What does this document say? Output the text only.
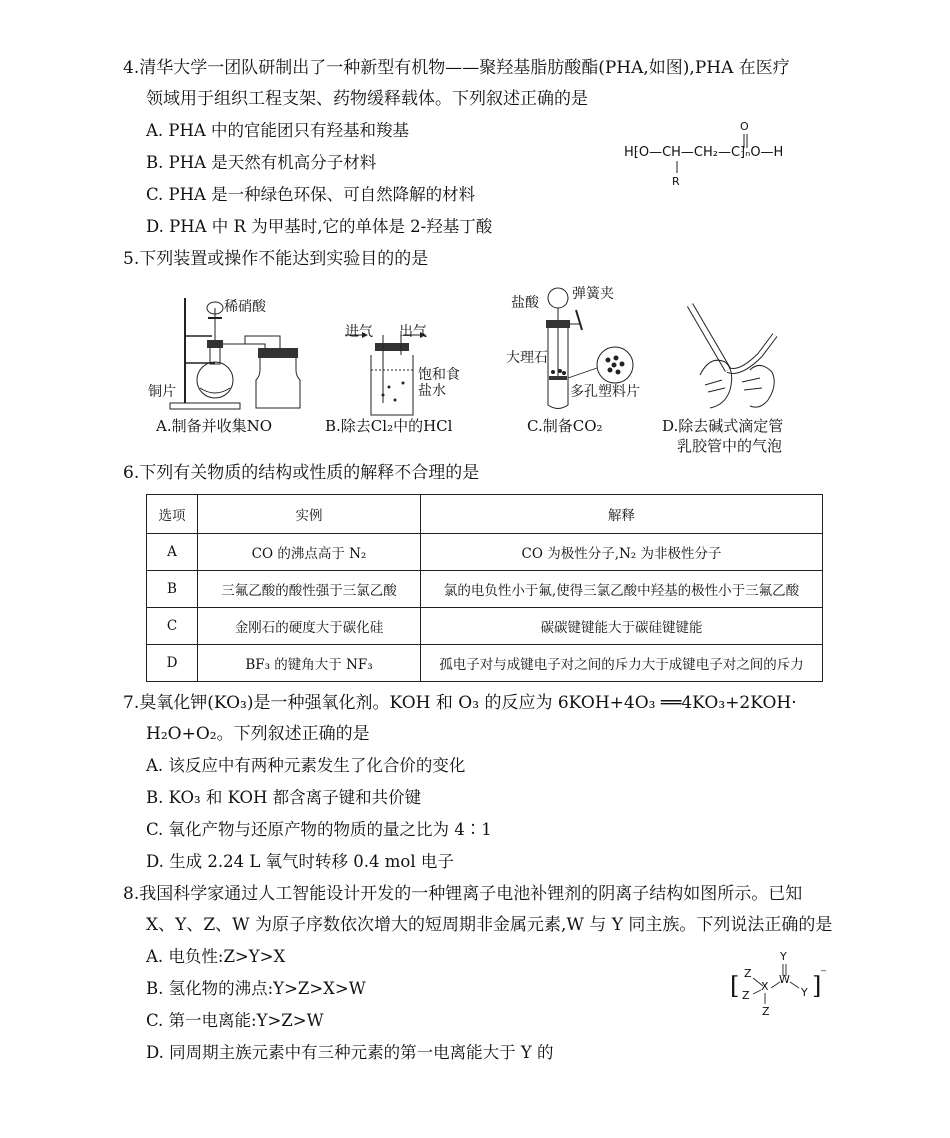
4.清华大学一团队研制出了一种新型有机物——聚羟基脂肪酸酯(PHA,如图),PHA 在医疗
领域用于组织工程支架、药物缓释载体。下列叙述正确的是
A. PHA 中的官能团只有羟基和羧基
B. PHA 是天然有机高分子材料
C. PHA 是一种绿色环保、可自然降解的材料
D. PHA 中 R 为甲基时,它的单体是 2-羟基丁酸
O
H⁅O—CH—CH₂—C⁆ₙO—H
R
5.下列装置或操作不能达到实验目的的是
稀硝酸
铜片
进气 出气
饱和食
盐水
盐酸
弹簧夹
大理石
多孔塑料片
A.制备并收集NO	B.除去Cl₂中的HCl	C.制备CO₂	D.除去碱式滴定管
乳胶管中的气泡
6.下列有关物质的结构或性质的解释不合理的是
选项	实例	解释
A	CO 的沸点高于 N₂	CO 为极性分子,N₂ 为非极性分子
B	三氟乙酸的酸性强于三氯乙酸	氯的电负性小于氟,使得三氯乙酸中羟基的极性小于三氟乙酸
C	金刚石的硬度大于碳化硅	碳碳键键能大于碳硅键键能
D	BF₃ 的键角大于 NF₃	孤电子对与成键电子对之间的斥力大于成键电子对之间的斥力
7.臭氧化钾(KO₃)是一种强氧化剂。KOH 和 O₃ 的反应为 6KOH+4O₃ ══4KO₃+2KOH·
H₂O+O₂。下列叙述正确的是
A. 该反应中有两种元素发生了化合价的变化
B. KO₃ 和 KOH 都含离子键和共价键
C. 氧化产物与还原产物的物质的量之比为 4∶1
D. 生成 2.24 L 氧气时转移 0.4 mol 电子
8.我国科学家通过人工智能设计开发的一种锂离子电池补锂剂的阴离子结构如图所示。已知
X、Y、Z、W 为原子序数依次增大的短周期非金属元素,W 与 Y 同主族。下列说法正确的是
A. 电负性:Z>Y>X
B. 氢化物的沸点:Y>Z>X>W
C. 第一电离能:Y>Z>W
D. 同周期主族元素中有三种元素的第一电离能大于 Y 的
[	]
⁻
Y
Z
Z
X
W
Y
Z
